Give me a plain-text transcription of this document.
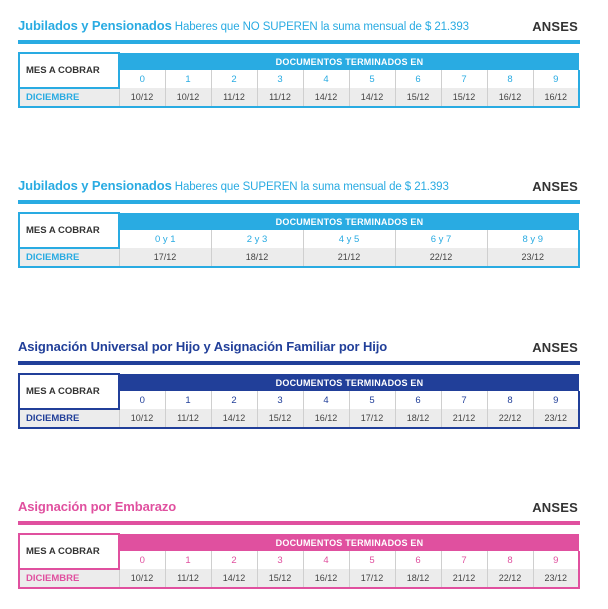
Jubilados y Pensionados Haberes que NO SUPEREN la suma mensual de $ 21.393	ANSES
MES A COBRAR	DOCUMENTOS TERMINADOS EN									
	0	1	2	3	4	5	6	7	8	9
DICIEMBRE	10/12	10/12	11/12	11/12	14/12	14/12	15/12	15/12	16/12	16/12
Jubilados y Pensionados Haberes que SUPEREN la suma mensual de $ 21.393	ANSES
MES A COBRAR	DOCUMENTOS TERMINADOS EN				
	0 y 1	2 y 3	4 y 5	6 y 7	8 y 9
DICIEMBRE	17/12	18/12	21/12	22/12	23/12
Asignación Universal por Hijo y Asignación Familiar por Hijo	ANSES
MES A COBRAR	DOCUMENTOS TERMINADOS EN									
	0	1	2	3	4	5	6	7	8	9
DICIEMBRE	10/12	11/12	14/12	15/12	16/12	17/12	18/12	21/12	22/12	23/12
Asignación por Embarazo	ANSES
MES A COBRAR	DOCUMENTOS TERMINADOS EN									
	0	1	2	3	4	5	6	7	8	9
DICIEMBRE	10/12	11/12	14/12	15/12	16/12	17/12	18/12	21/12	22/12	23/12
